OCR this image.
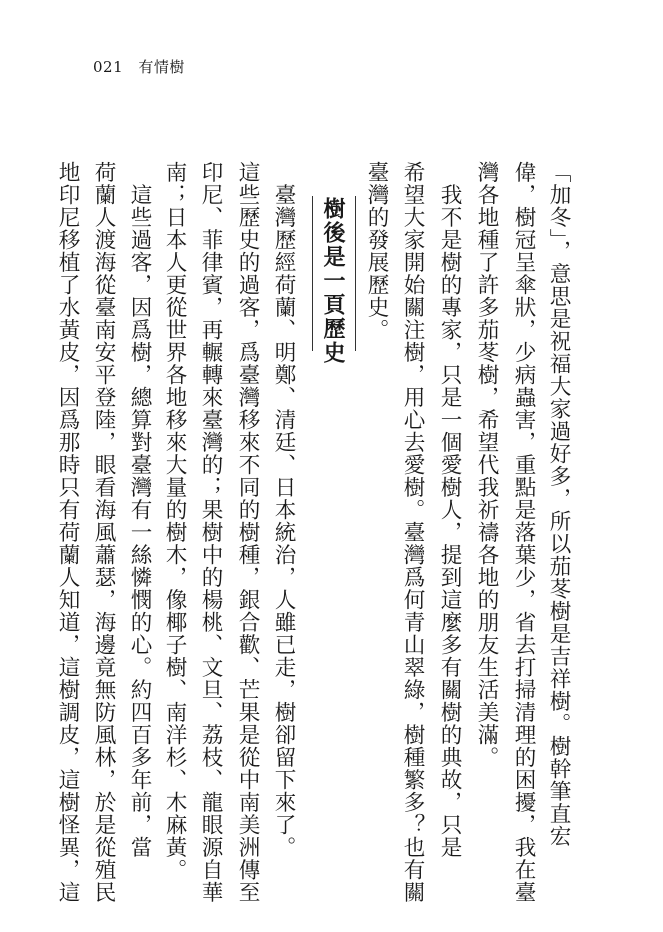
021 有情樹
「加冬」，意思是祝福大家過好多，所以茄苳樹是吉祥樹。樹幹筆直宏
偉，樹冠呈傘狀，少病蟲害，重點是落葉少，省去打掃清理的困擾，我在臺
灣各地種了許多茄苳樹，希望代我祈禱各地的朋友生活美滿。
　我不是樹的專家，只是一個愛樹人，提到這麼多有關樹的典故，只是
希望大家開始關注樹，用心去愛樹。臺灣爲何青山翠綠，樹種繁多？也有關
臺灣的發展歷史。
樹後是一頁歷史
　臺灣歷經荷蘭、明鄭、清廷、日本統治，人雖已走，樹卻留下來了。
這些歷史的過客，爲臺灣移來不同的樹種，銀合歡、芒果是從中南美洲傳至
印尼、菲律賓，再輾轉來臺灣的；果樹中的楊桃、文旦、荔枝、龍眼源自華
南；日本人更從世界各地移來大量的樹木，像椰子樹、南洋杉、木麻黃。
　這些過客，因爲樹，總算對臺灣有一絲憐憫的心。約四百多年前，當
荷蘭人渡海從臺南安平登陸，眼看海風蕭瑟，海邊竟無防風林，於是從殖民
地印尼移植了水黃皮，因爲那時只有荷蘭人知道，這樹調皮，這樹怪異，這
